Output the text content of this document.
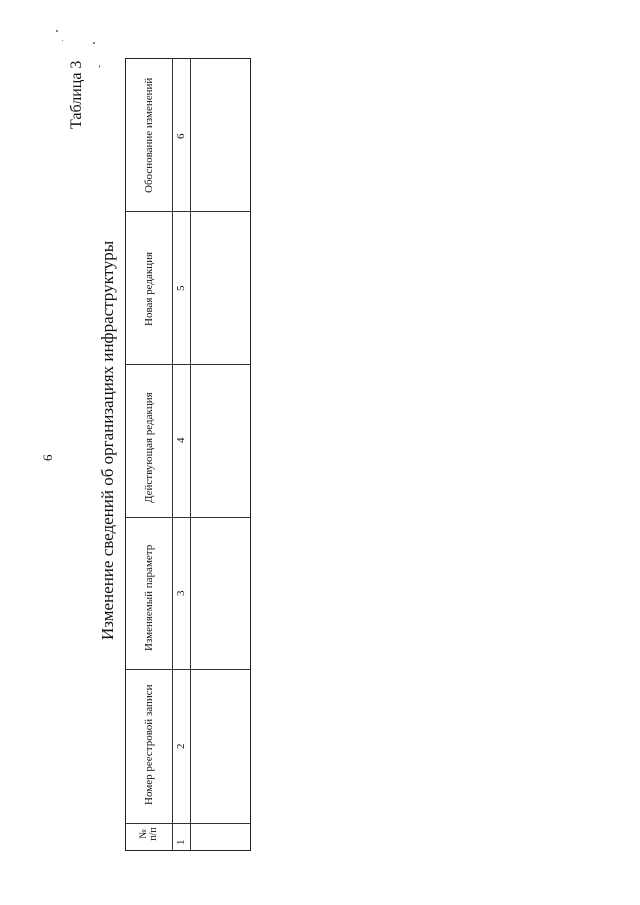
6
Таблица 3
Изменение сведений об организациях инфраструктуры
№ п/п
Номер реестровой записи
Изменяемый параметр
Действующая редакция
Новая редакция
Обоснование изменений
1
2
3
4
5
6
